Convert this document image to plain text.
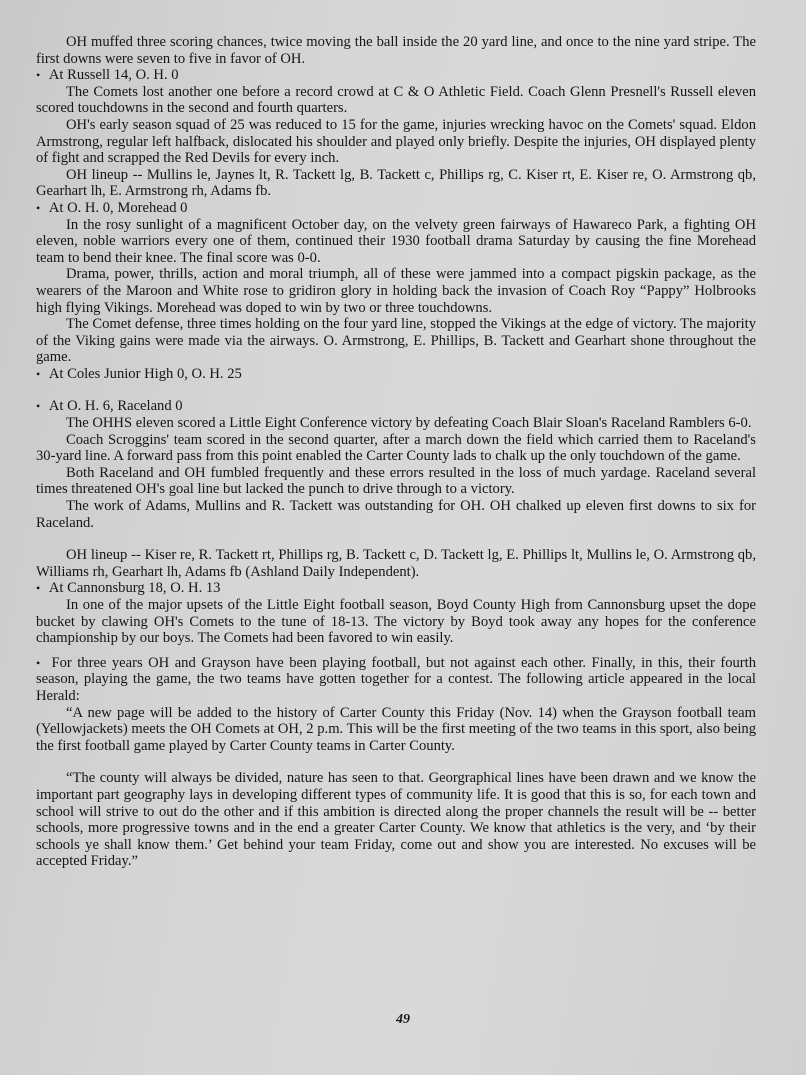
OH muffed three scoring chances, twice moving the ball inside the 20 yard line, and once to the nine yard stripe. The first downs were seven to five in favor of OH.

• At Russell 14, O. H. 0

The Comets lost another one before a record crowd at C & O Athletic Field. Coach Glenn Presnell's Russell eleven scored touchdowns in the second and fourth quarters.

OH's early season squad of 25 was reduced to 15 for the game, injuries wrecking havoc on the Comets' squad. Eldon Armstrong, regular left halfback, dislocated his shoulder and played only briefly. Despite the injuries, OH displayed plenty of fight and scrapped the Red Devils for every inch.

OH lineup -- Mullins le, Jaynes lt, R. Tackett lg, B. Tackett c, Phillips rg, C. Kiser rt, E. Kiser re, O. Armstrong qb, Gearhart lh, E. Armstrong rh, Adams fb.

• At O. H. 0, Morehead 0

In the rosy sunlight of a magnificent October day, on the velvety green fairways of Hawareco Park, a fighting OH eleven, noble warriors every one of them, continued their 1930 football drama Saturday by causing the fine Morehead team to bend their knee. The final score was 0-0.

Drama, power, thrills, action and moral triumph, all of these were jammed into a compact pigskin package, as the wearers of the Maroon and White rose to gridiron glory in holding back the invasion of Coach Roy “Pappy” Holbrooks high flying Vikings. Morehead was doped to win by two or three touchdowns.

The Comet defense, three times holding on the four yard line, stopped the Vikings at the edge of victory. The majority of the Viking gains were made via the airways. O. Armstrong, E. Phillips, B. Tackett and Gearhart shone throughout the game.

• At Coles Junior High 0, O. H. 25

• At O. H. 6, Raceland 0

The OHHS eleven scored a Little Eight Conference victory by defeating Coach Blair Sloan's Raceland Ramblers 6-0.

Coach Scroggins' team scored in the second quarter, after a march down the field which carried them to Raceland's 30-yard line. A forward pass from this point enabled the Carter County lads to chalk up the only touchdown of the game.

Both Raceland and OH fumbled frequently and these errors resulted in the loss of much yardage. Raceland several times threatened OH's goal line but lacked the punch to drive through to a victory.

The work of Adams, Mullins and R. Tackett was outstanding for OH. OH chalked up eleven first downs to six for Raceland.

OH lineup -- Kiser re, R. Tackett rt, Phillips rg, B. Tackett c, D. Tackett lg, E. Phillips lt, Mullins le, O. Armstrong qb, Williams rh, Gearhart lh, Adams fb (Ashland Daily Independent).

• At Cannonsburg 18, O. H. 13

In one of the major upsets of the Little Eight football season, Boyd County High from Cannonsburg upset the dope bucket by clawing OH's Comets to the tune of 18-13. The victory by Boyd took away any hopes for the conference championship by our boys. The Comets had been favored to win easily.

• For three years OH and Grayson have been playing football, but not against each other. Finally, in this, their fourth season, playing the game, the two teams have gotten together for a contest. The following article appeared in the local Herald:

“A new page will be added to the history of Carter County this Friday (Nov. 14) when the Grayson football team (Yellowjackets) meets the OH Comets at OH, 2 p.m. This will be the first meeting of the two teams in this sport, also being the first football game played by Carter County teams in Carter County.

“The county will always be divided, nature has seen to that. Georgraphical lines have been drawn and we know the important part geography lays in developing different types of community life. It is good that this is so, for each town and school will strive to out do the other and if this ambition is directed along the proper channels the result will be -- better schools, more progressive towns and in the end a greater Carter County. We know that athletics is the very, and ‘by their schools ye shall know them.’ Get behind your team Friday, come out and show you are interested. No excuses will be accepted Friday.”

49
